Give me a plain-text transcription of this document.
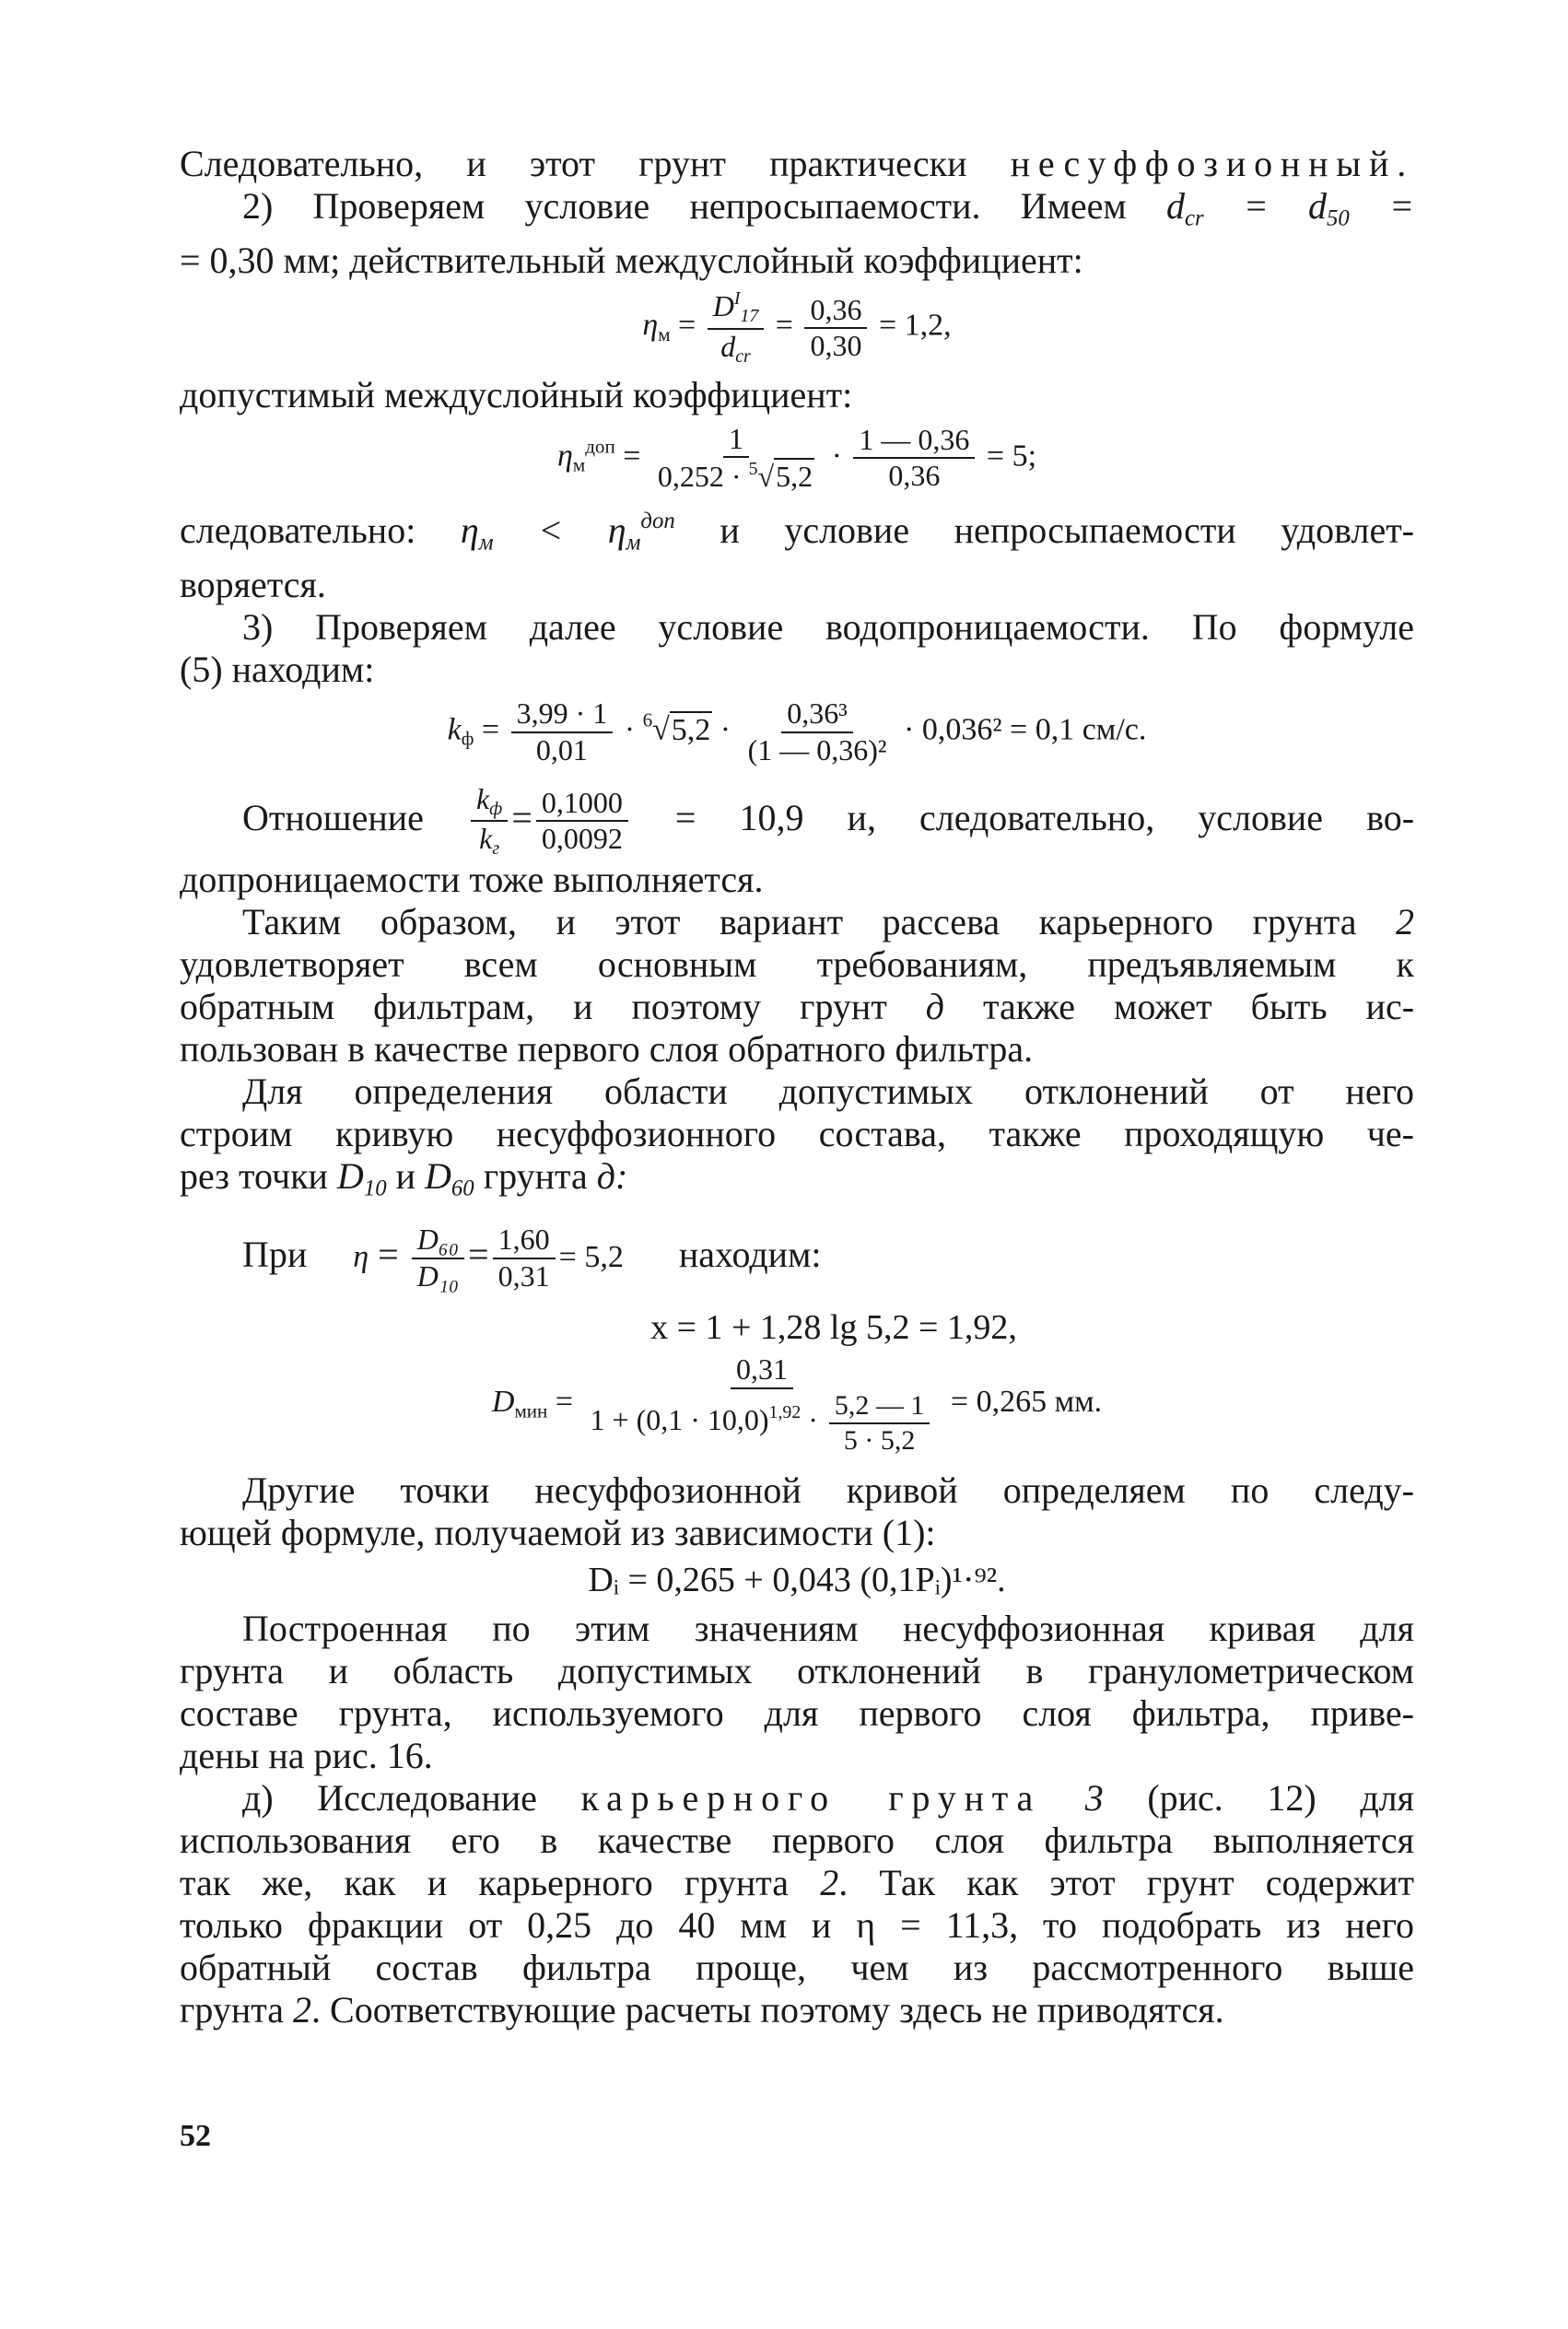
Следовательно, и этот грунт практически несуффозионный.
2) Проверяем условие непросыпаемости. Имеем $d_{cr} = d_{50}$ =
= 0,30 мм; действительный междуслойный коэффициент:
$\eta_м$ =
$D^I_{17}$
$d_{cr}$
= $\frac{0,36}{0,30} = 1,2$,
допустимый междуслойный коэффициент:
$\eta_м^{доп} = \frac{1}{0,252 \cdot ^5√5,2} \cdot \frac{1 — 0,36}{0,36} = 5$;
следовательно: $\eta_м < \eta_м^{доп}$ и условие непросыпаемости удовлет-
воряется.
3) Проверяем далее условие водопроницаемости. По формуле
(5) находим:
$k_ф = \frac{3,99 \cdot 1}{0,01} \cdot ^6√5,2 \cdot \frac{\text{0,36³}}{\text{(1 — 0,36)²}} \cdot 0,036^2 = 0,1$ см/с.
Отношение $k_ф$
$k_г$
= $\frac{0,1000}{0,0092} = 10,9$ и, следовательно, условие во-
допроницаемости тоже выполняется.
Таким образом, и этот вариант рассева карьерного грунта 2
удовлетворяет всем основным требованиям, предъявляемым к
обратным фильтрам, и поэтому грунт д также может быть ис-
пользован в качестве первого слоя обратного фильтра.
Для определения области допустимых отклонений от него
строим кривую несуффозионного состава, также проходящую че-
рез точки $D_{10}$ и $D_{60}$ грунта д:
При $\eta = \frac{\text{D₆₀}}{\text{D₁₀}} = \frac{1,60}{0,31} = 5,2$ находим:
x = 1 + 1,28 lg 5,2 = 1,92,
$D_{мин} = \frac{0,31}{1 + (0,1 \cdot 10,0)^{1,92} \cdot \frac{5,2 — 1}{5 \cdot 5,2}} = 0,265$ мм.
Другие точки несуффозионной кривой определяем по следу-
ющей формуле, получаемой из зависимости (1):
Dᵢ = 0,265 + 0,043 (0,1Pᵢ)¹·⁹².
Построенная по этим значениям несуффозионная кривая для
грунта и область допустимых отклонений в гранулометрическом
составе грунта, используемого для первого слоя фильтра, приве-
дены на рис. 16.
д) Исследование карьерного грунта 3 (рис. 12) для
использования его в качестве первого слоя фильтра выполняется
так же, как и карьерного грунта 2. Так как этот грунт содержит
только фракции от 0,25 до 40 мм и η = 11,3, то подобрать из него
обратный состав фильтра проще, чем из рассмотренного выше
грунта 2. Соответствующие расчеты поэтому здесь не приводятся.
52
